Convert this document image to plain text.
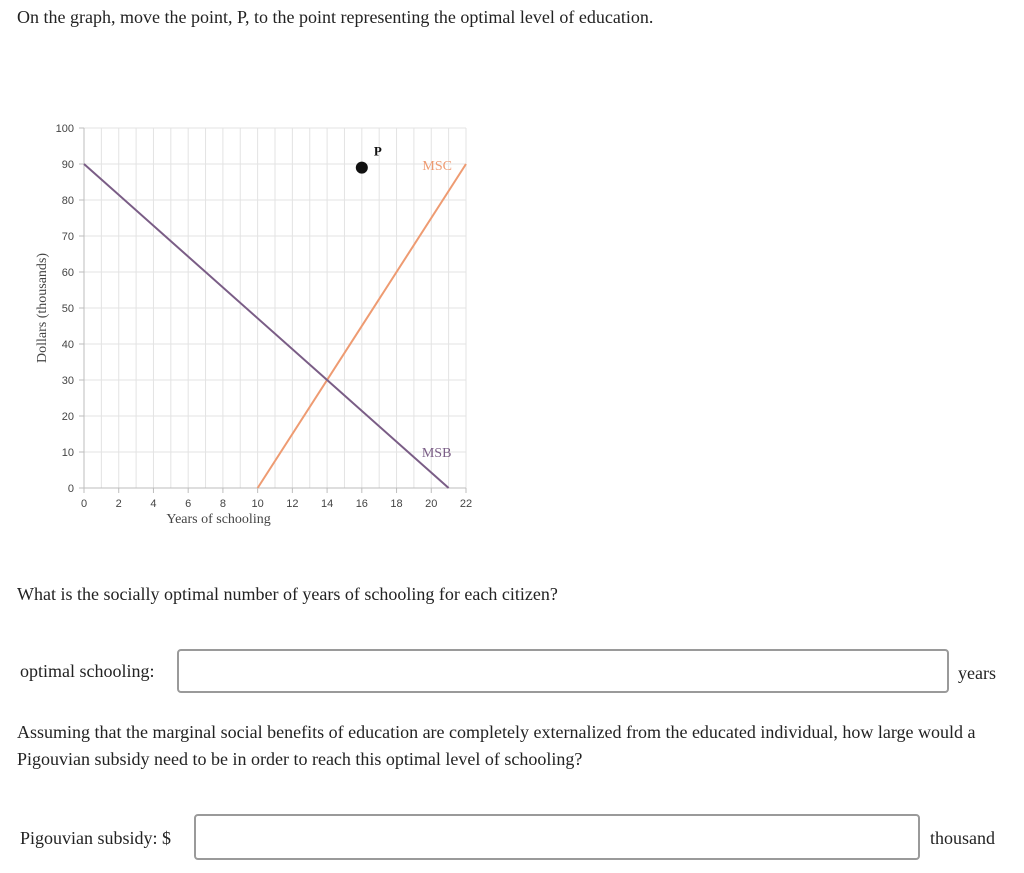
On the graph, move the point, P, to the point representing the optimal level of education.

0
10
20
30
40
50
60
70
80
90
100
0	2	4	6	8 10 12 14 16 18 20 22
Years of schooling
Dollars (thousands)
MSC
MSB
P

What is the socially optimal number of years of schooling for each citizen?

optimal schooling:	years

Assuming that the marginal social benefits of education are completely externalized from the educated individual, how large would a Pigouvian subsidy need to be in order to reach this optimal level of schooling?

Pigouvian subsidy: $	thousand
